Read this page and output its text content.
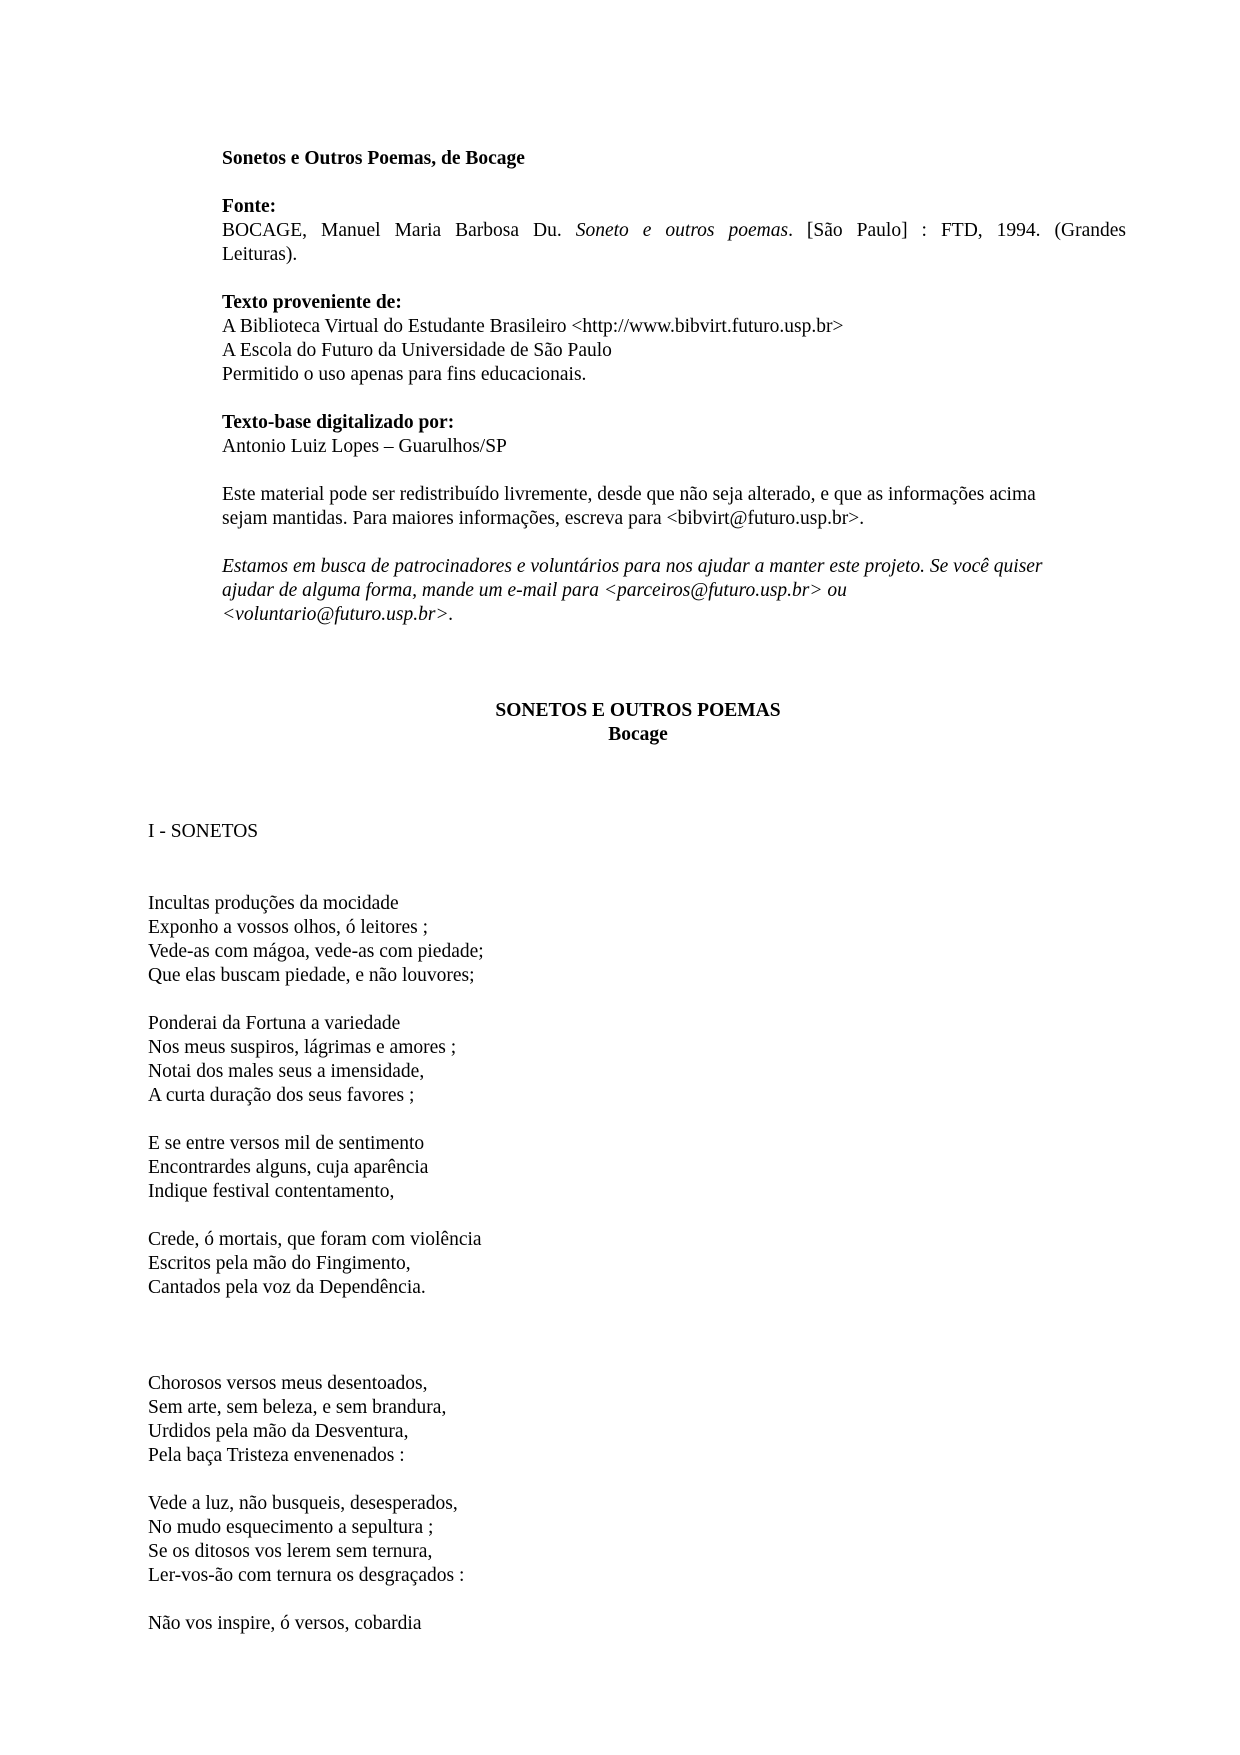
Sonetos e Outros Poemas, de Bocage
Fonte:
BOCAGE, Manuel Maria Barbosa Du. Soneto e outros poemas. [São Paulo] : FTD, 1994. (Grandes
Leituras).
Texto proveniente de:
A Biblioteca Virtual do Estudante Brasileiro <http://www.bibvirt.futuro.usp.br>
A Escola do Futuro da Universidade de São Paulo
Permitido o uso apenas para fins educacionais.
Texto-base digitalizado por:
Antonio Luiz Lopes – Guarulhos/SP
Este material pode ser redistribuído livremente, desde que não seja alterado, e que as informações acima
sejam mantidas. Para maiores informações, escreva para <bibvirt@futuro.usp.br>.
Estamos em busca de patrocinadores e voluntários para nos ajudar a manter este projeto. Se você quiser
ajudar de alguma forma, mande um e-mail para <parceiros@futuro.usp.br> ou
<voluntario@futuro.usp.br>.
SONETOS E OUTROS POEMAS
Bocage
I - SONETOS
Incultas produções da mocidade
Exponho a vossos olhos, ó leitores ;
Vede-as com mágoa, vede-as com piedade;
Que elas buscam piedade, e não louvores;
Ponderai da Fortuna a variedade
Nos meus suspiros, lágrimas e amores ;
Notai dos males seus a imensidade,
A curta duração dos seus favores ;
E se entre versos mil de sentimento
Encontrardes alguns, cuja aparência
Indique festival contentamento,
Crede, ó mortais, que foram com violência
Escritos pela mão do Fingimento,
Cantados pela voz da Dependência.
Chorosos versos meus desentoados,
Sem arte, sem beleza, e sem brandura,
Urdidos pela mão da Desventura,
Pela baça Tristeza envenenados :
Vede a luz, não busqueis, desesperados,
No mudo esquecimento a sepultura ;
Se os ditosos vos lerem sem ternura,
Ler-vos-ão com ternura os desgraçados :
Não vos inspire, ó versos, cobardia
